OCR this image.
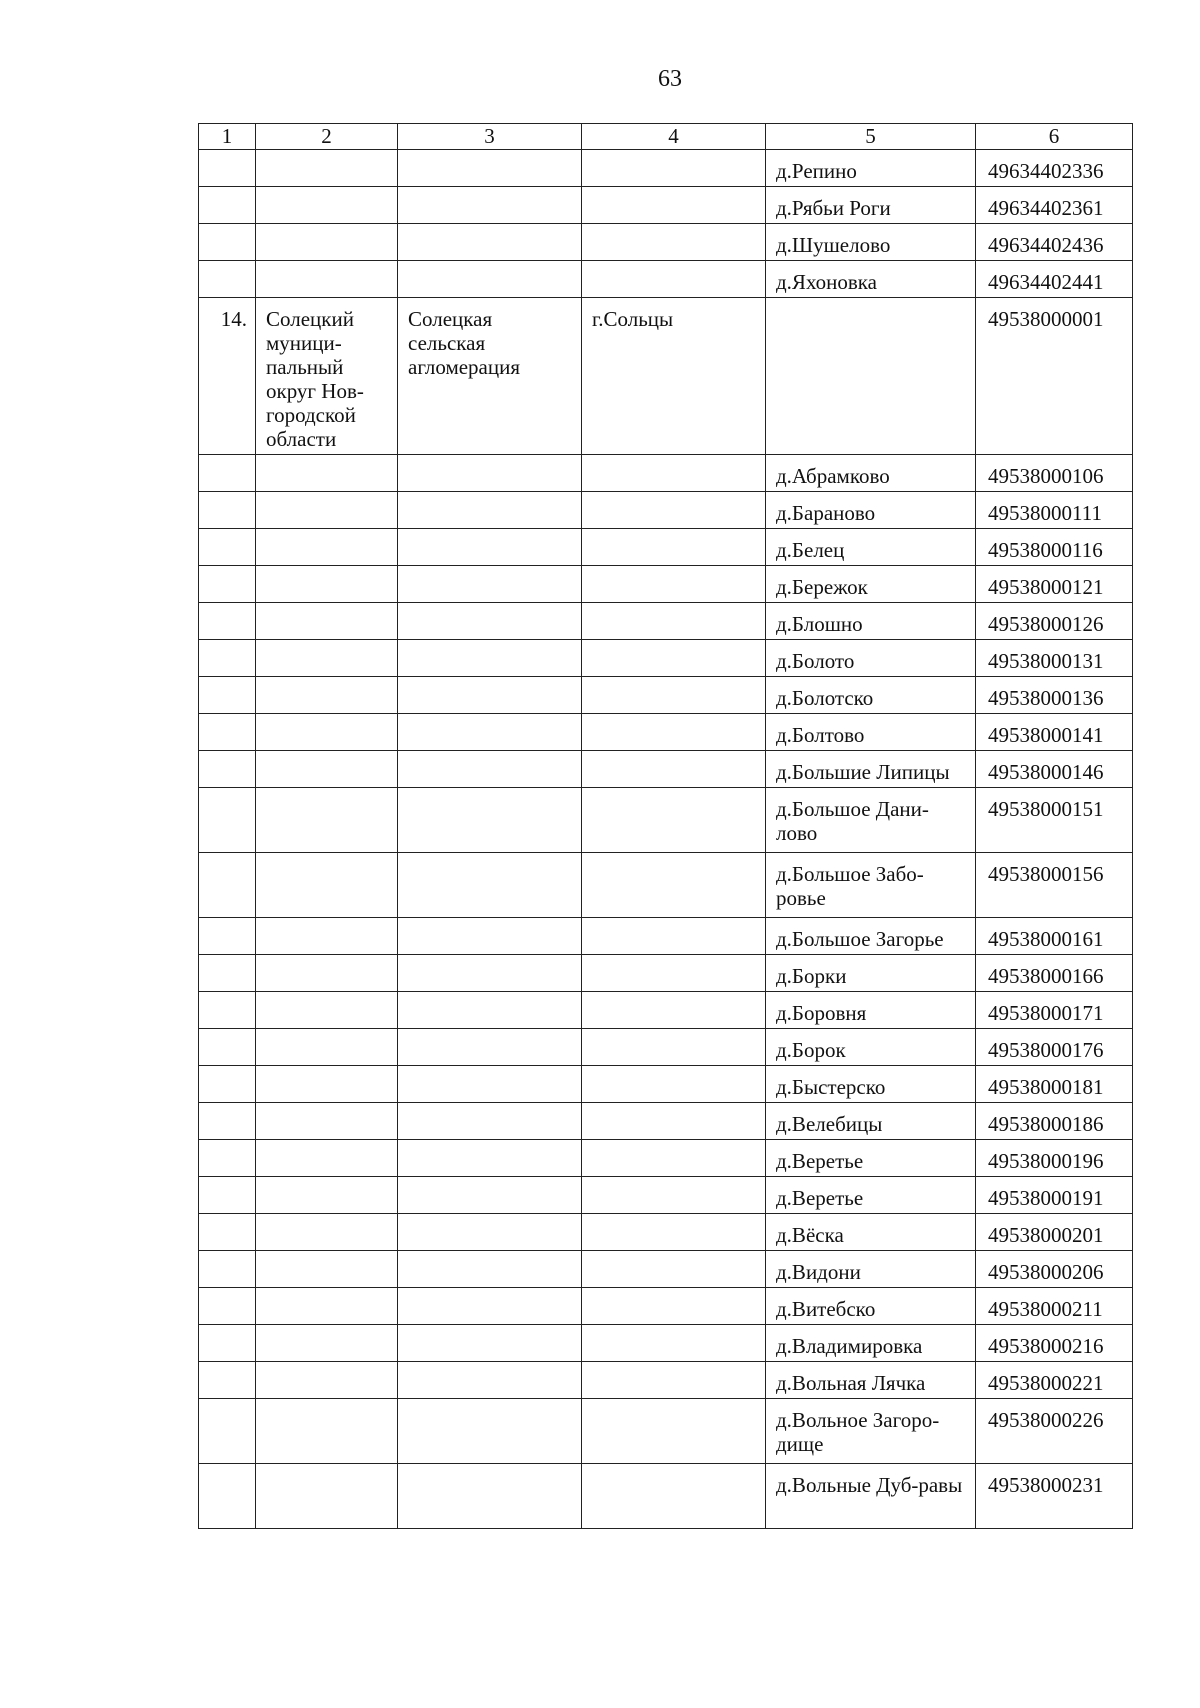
63
1	2	3	4	5	6
				д.Репино	49634402336
				д.Рябьи Роги	49634402361
				д.Шушелово	49634402436
				д.Яхоновка	49634402441
14.	Солецкий муници-пальный округ Нов-городской области	Солецкая сельская агломерация	г.Сольцы		49538000001
				д.Абрамково	49538000106
				д.Бараново	49538000111
				д.Белец	49538000116
				д.Бережок	49538000121
				д.Блошно	49538000126
				д.Болото	49538000131
				д.Болотско	49538000136
				д.Болтово	49538000141
				д.Большие Липицы	49538000146
				д.Большое Дани-лово	49538000151
				д.Большое Забо-ровье	49538000156
				д.Большое Загорье	49538000161
				д.Борки	49538000166
				д.Боровня	49538000171
				д.Борок	49538000176
				д.Быстерско	49538000181
				д.Велебицы	49538000186
				д.Веретье	49538000196
				д.Веретье	49538000191
				д.Вёска	49538000201
				д.Видони	49538000206
				д.Витебско	49538000211
				д.Владимировка	49538000216
				д.Вольная Лячка	49538000221
				д.Вольное Загоро-дище	49538000226
				д.Вольные Дуб-равы	49538000231
